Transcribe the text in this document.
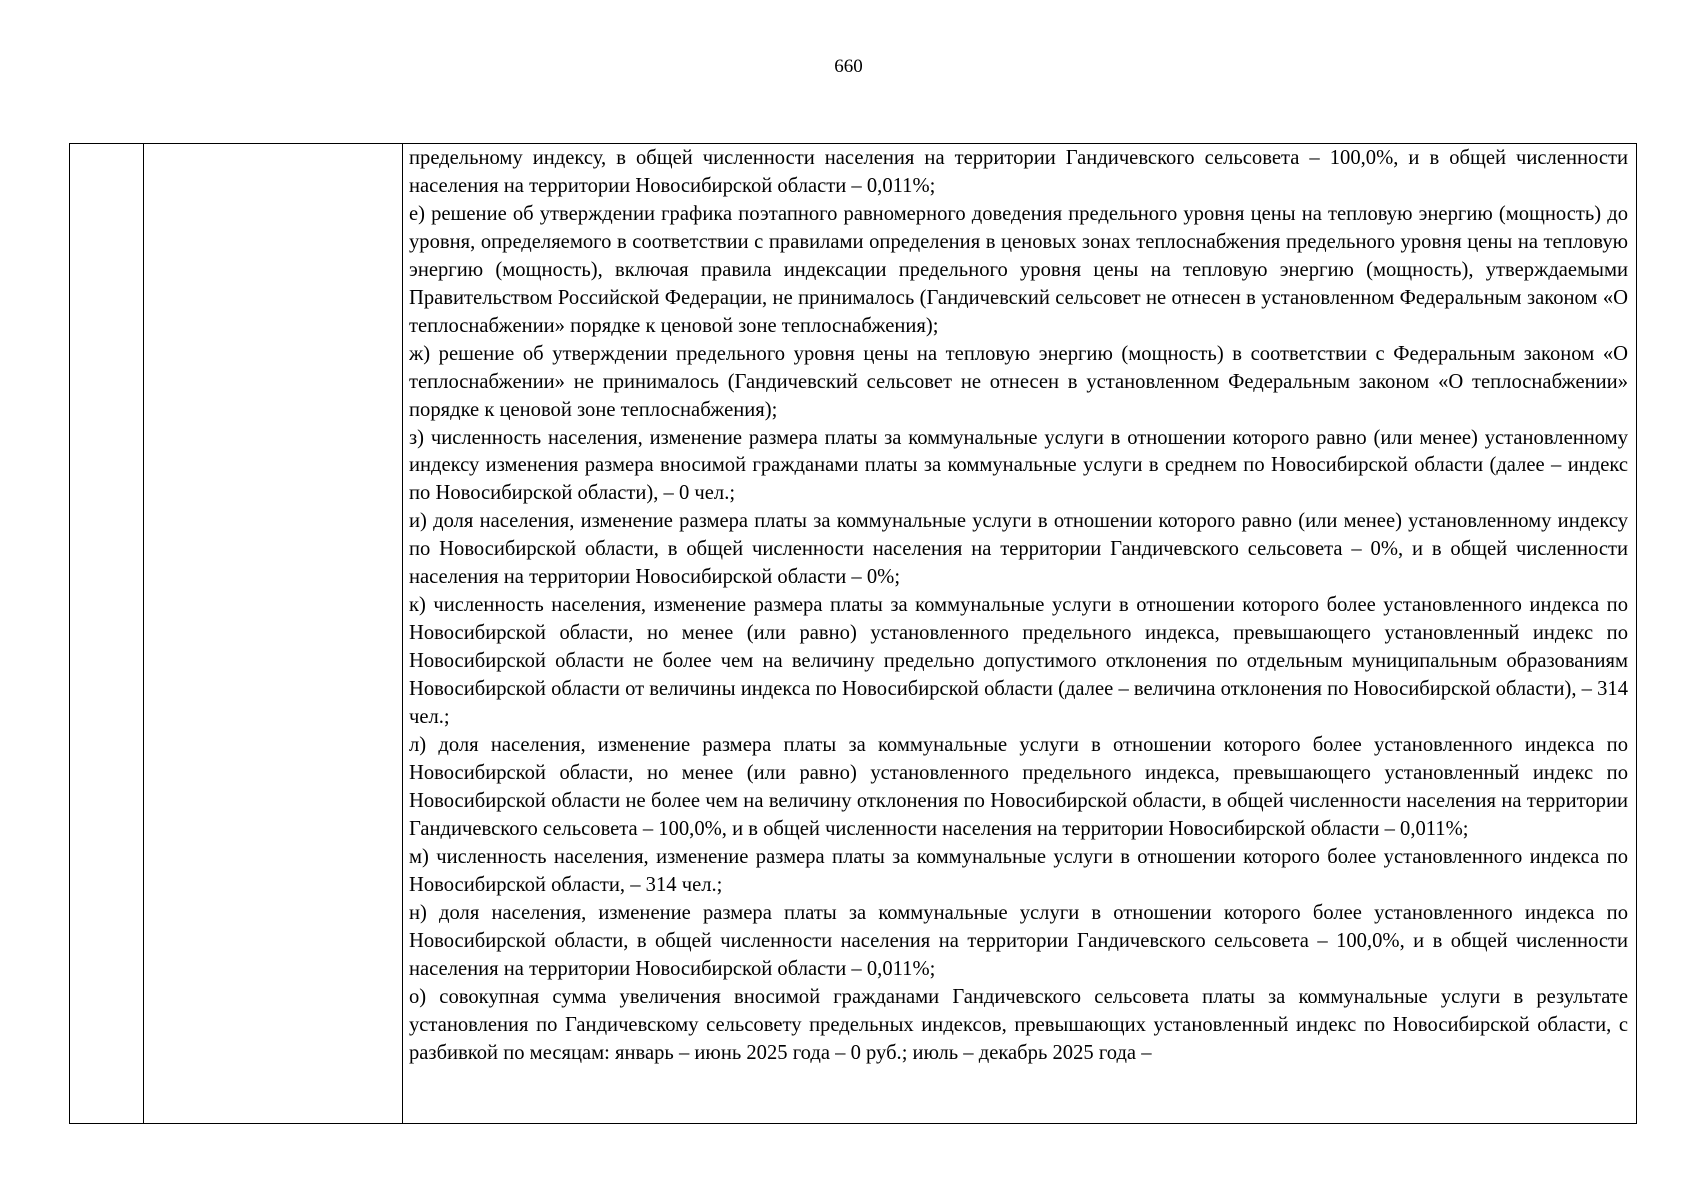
660

предельному индексу, в общей численности населения на территории Гандичевского сельсовета – 100,0%, и в общей численности населения на территории Новосибирской области – 0,011%;

е) решение об утверждении графика поэтапного равномерного доведения предельного уровня цены на тепловую энергию (мощность) до уровня, определяемого в соответствии с правилами определения в ценовых зонах теплоснабжения предельного уровня цены на тепловую энергию (мощность), включая правила индексации предельного уровня цены на тепловую энергию (мощность), утверждаемыми Правительством Российской Федерации, не принималось (Гандичевский сельсовет не отнесен в установленном Федеральным законом «О теплоснабжении» порядке к ценовой зоне теплоснабжения);

ж) решение об утверждении предельного уровня цены на тепловую энергию (мощность) в соответствии с Федеральным законом «О теплоснабжении» не принималось (Гандичевский сельсовет не отнесен в установленном Федеральным законом «О теплоснабжении» порядке к ценовой зоне теплоснабжения);

з) численность населения, изменение размера платы за коммунальные услуги в отношении которого равно (или менее) установленному индексу изменения размера вносимой гражданами платы за коммунальные услуги в среднем по Новосибирской области (далее – индекс по Новосибирской области), – 0 чел.;

и) доля населения, изменение размера платы за коммунальные услуги в отношении которого равно (или менее) установленному индексу по Новосибирской области, в общей численности населения на территории Гандичевского сельсовета – 0%, и в общей численности населения на территории Новосибирской области – 0%;

к) численность населения, изменение размера платы за коммунальные услуги в отношении которого более установленного индекса по Новосибирской области, но менее (или равно) установленного предельного индекса, превышающего установленный индекс по Новосибирской области не более чем на величину предельно допустимого отклонения по отдельным муниципальным образованиям Новосибирской области от величины индекса по Новосибирской области (далее – величина отклонения по Новосибирской области), – 314 чел.;

л) доля населения, изменение размера платы за коммунальные услуги в отношении которого более установленного индекса по Новосибирской области, но менее (или равно) установленного предельного индекса, превышающего установленный индекс по Новосибирской области не более чем на величину отклонения по Новосибирской области, в общей численности населения на территории Гандичевского сельсовета – 100,0%, и в общей численности населения на территории Новосибирской области – 0,011%;

м) численность населения, изменение размера платы за коммунальные услуги в отношении которого более установленного индекса по Новосибирской области, – 314 чел.;

н) доля населения, изменение размера платы за коммунальные услуги в отношении которого более установленного индекса по Новосибирской области, в общей численности населения на территории Гандичевского сельсовета – 100,0%, и в общей численности населения на территории Новосибирской области – 0,011%;

о) совокупная сумма увеличения вносимой гражданами Гандичевского сельсовета платы за коммунальные услуги в результате установления по Гандичевскому сельсовету предельных индексов, превышающих установленный индекс по Новосибирской области, с разбивкой по месяцам: январь – июнь 2025 года – 0 руб.; июль – декабрь 2025 года –
